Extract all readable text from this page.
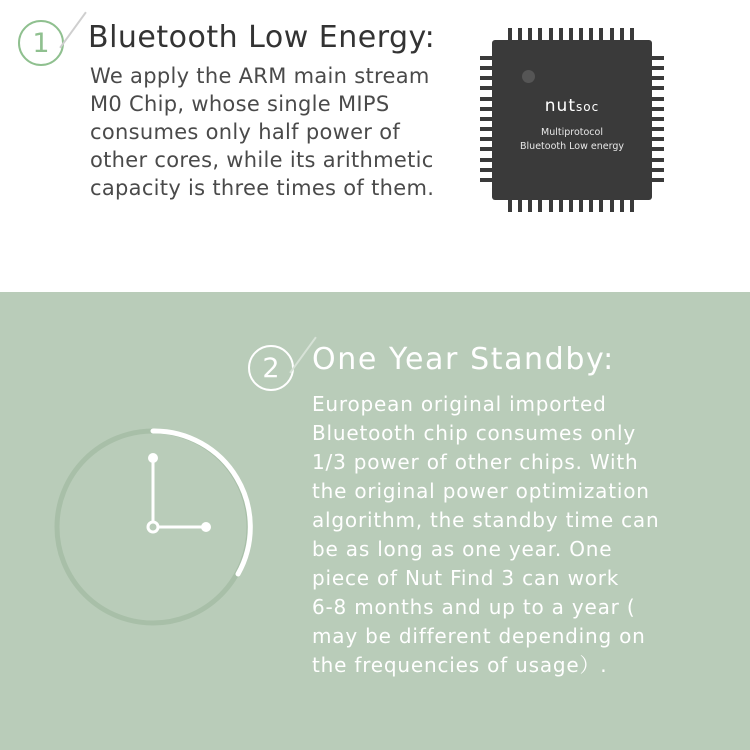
1	Bluetooth Low Energy:
We apply the ARM main stream
M0 Chip, whose single MIPS
consumes only half power of
other cores, while its arithmetic
capacity is three times of them.
nutsoc
Multiprotocol
Bluetooth Low energy
2	One Year Standby:
European original imported
Bluetooth chip consumes only
1/3 power of other chips. With
the original power optimization
algorithm, the standby time can
be as long as one year. One
piece of Nut Find 3 can work
6-8 months and up to a year (
may be different depending on
the frequencies of usage）.
